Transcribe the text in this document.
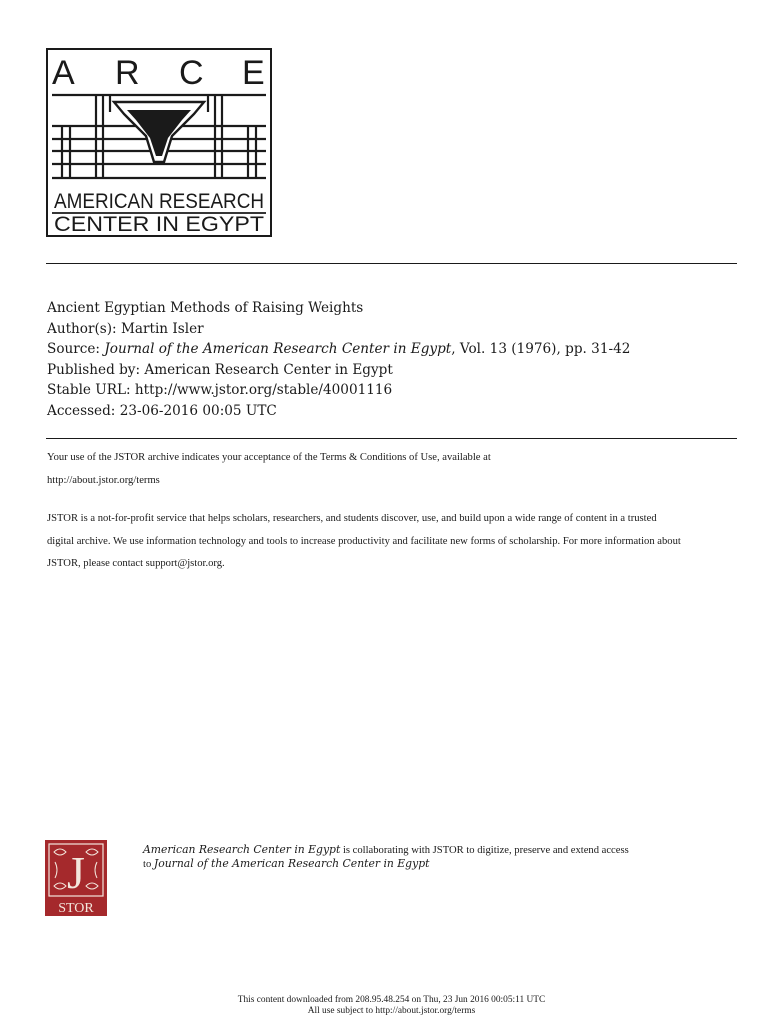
A R C E
AMERICAN RESEARCH
CENTER IN EGYPT
Ancient Egyptian Methods of Raising Weights
Author(s): Martin Isler
Source: Journal of the American Research Center in Egypt, Vol. 13 (1976), pp. 31-42
Published by: American Research Center in Egypt
Stable URL: http://www.jstor.org/stable/40001116
Accessed: 23-06-2016 00:05 UTC

Your use of the JSTOR archive indicates your acceptance of the Terms & Conditions of Use, available at

http://about.jstor.org/terms

JSTOR is a not-for-profit service that helps scholars, researchers, and students discover, use, and build upon a wide range of content in a trusted

digital archive. We use information technology and tools to increase productivity and facilitate new forms of scholarship. For more information about

JSTOR, please contact support@jstor.org.

J
STOR
American Research Center in Egypt is collaborating with JSTOR to digitize, preserve and extend access
to Journal of the American Research Center in Egypt
This content downloaded from 208.95.48.254 on Thu, 23 Jun 2016 00:05:11 UTC
All use subject to http://about.jstor.org/terms
